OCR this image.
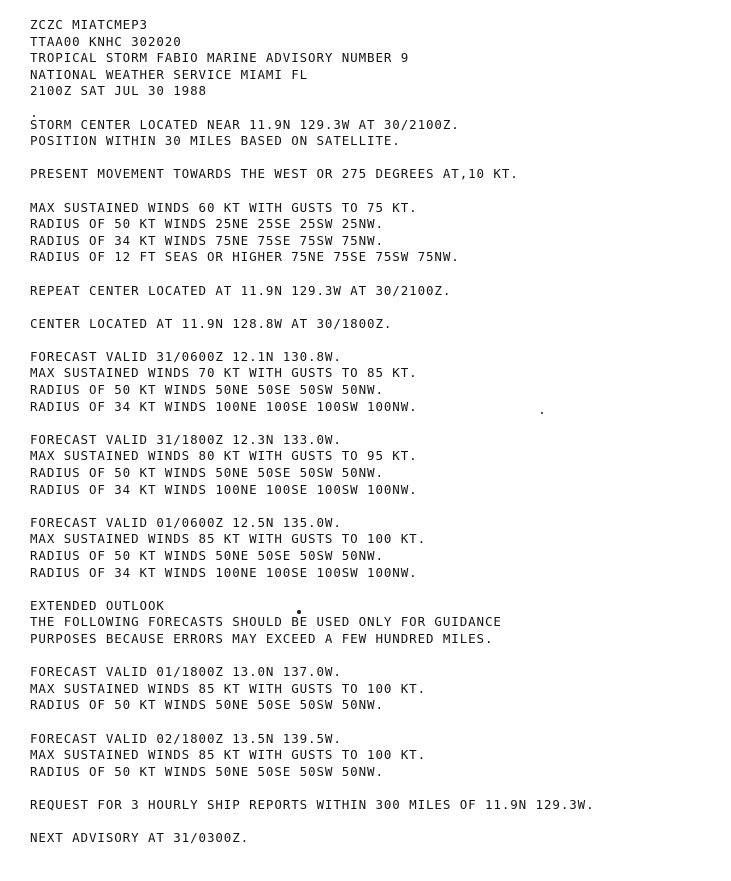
ZCZC MIATCMEP3
TTAA00 KNHC 302020
TROPICAL STORM FABIO MARINE ADVISORY NUMBER 9
NATIONAL WEATHER SERVICE MIAMI FL
2100Z SAT JUL 30 1988
STORM CENTER LOCATED NEAR 11.9N 129.3W AT 30/2100Z.
POSITION WITHIN 30 MILES BASED ON SATELLITE.
PRESENT MOVEMENT TOWARDS THE WEST OR 275 DEGREES AT,10 KT.
MAX SUSTAINED WINDS 60 KT WITH GUSTS TO 75 KT.
RADIUS OF 50 KT WINDS 25NE 25SE 25SW 25NW.
RADIUS OF 34 KT WINDS 75NE 75SE 75SW 75NW.
RADIUS OF 12 FT SEAS OR HIGHER 75NE 75SE 75SW 75NW.
REPEAT CENTER LOCATED AT 11.9N 129.3W AT 30/2100Z.
CENTER LOCATED AT 11.9N 128.8W AT 30/1800Z.
FORECAST VALID 31/0600Z 12.1N 130.8W.
MAX SUSTAINED WINDS 70 KT WITH GUSTS TO 85 KT.
RADIUS OF 50 KT WINDS 50NE 50SE 50SW 50NW.
RADIUS OF 34 KT WINDS 100NE 100SE 100SW 100NW.
FORECAST VALID 31/1800Z 12.3N 133.0W.
MAX SUSTAINED WINDS 80 KT WITH GUSTS TO 95 KT.
RADIUS OF 50 KT WINDS 50NE 50SE 50SW 50NW.
RADIUS OF 34 KT WINDS 100NE 100SE 100SW 100NW.
FORECAST VALID 01/0600Z 12.5N 135.0W.
MAX SUSTAINED WINDS 85 KT WITH GUSTS TO 100 KT.
RADIUS OF 50 KT WINDS 50NE 50SE 50SW 50NW.
RADIUS OF 34 KT WINDS 100NE 100SE 100SW 100NW.
EXTENDED OUTLOOK
THE FOLLOWING FORECASTS SHOULD BE USED ONLY FOR GUIDANCE
PURPOSES BECAUSE ERRORS MAY EXCEED A FEW HUNDRED MILES.
FORECAST VALID 01/1800Z 13.0N 137.0W.
MAX SUSTAINED WINDS 85 KT WITH GUSTS TO 100 KT.
RADIUS OF 50 KT WINDS 50NE 50SE 50SW 50NW.
FORECAST VALID 02/1800Z 13.5N 139.5W.
MAX SUSTAINED WINDS 85 KT WITH GUSTS TO 100 KT.
RADIUS OF 50 KT WINDS 50NE 50SE 50SW 50NW.
REQUEST FOR 3 HOURLY SHIP REPORTS WITHIN 300 MILES OF 11.9N 129.3W.
NEXT ADVISORY AT 31/0300Z.
